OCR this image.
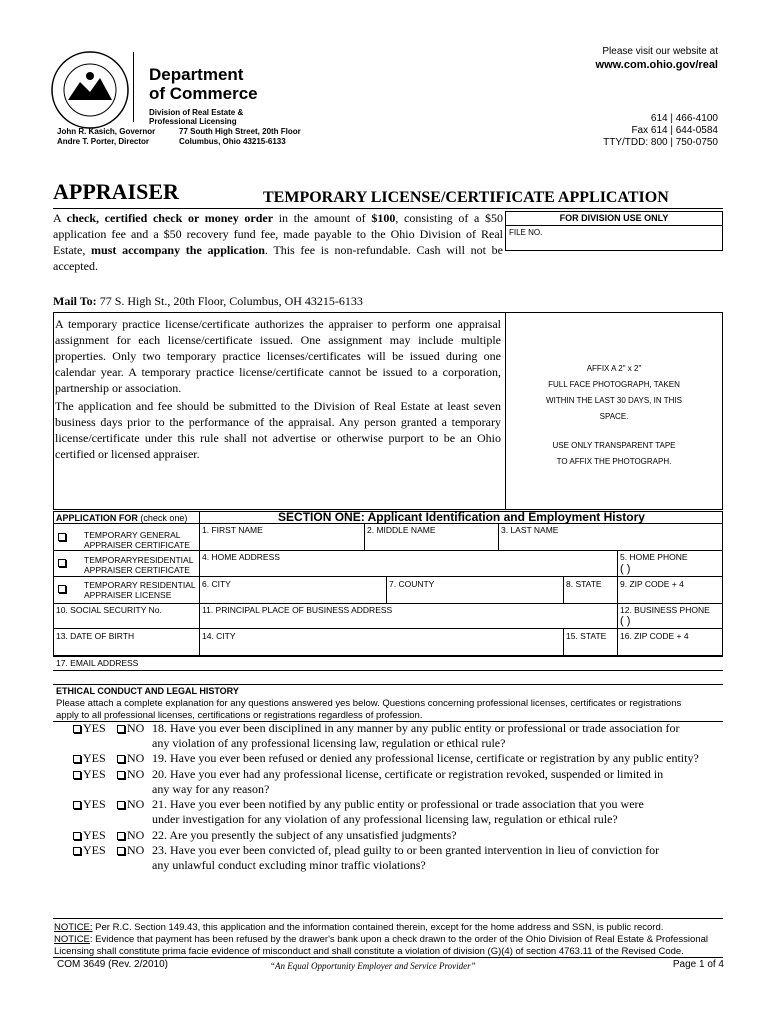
Department
of Commerce
Division of Real Estate &
Professional Licensing
John R. Kasich, Governor
Andre T. Porter, Director
77 South High Street, 20th Floor
Columbus, Ohio 43215-6133
Please visit our website at
www.com.ohio.gov/real
614 | 466-4100
Fax 614 | 644-0584
TTY/TDD: 800 | 750-0750
APPRAISER	TEMPORARY LICENSE/CERTIFICATE APPLICATION
A check, certified check or money order in the amount of $100, consisting of a $50 application fee and a $50 recovery fund fee, made payable to the Ohio Division of Real Estate, must accompany the application. This fee is non-refundable. Cash will not be accepted.
FOR DIVISION USE ONLY
FILE NO.
Mail To: 77 S. High St., 20th Floor, Columbus, OH 43215-6133

A temporary practice license/certificate authorizes the appraiser to perform one appraisal assignment for each license/certificate issued. One assignment may include multiple properties. Only two temporary practice licenses/certificates will be issued during one calendar year. A temporary practice license/certificate cannot be issued to a corporation, partnership or association.

The application and fee should be submitted to the Division of Real Estate at least seven business days prior to the performance of the appraisal. Any person granted a temporary license/certificate under this rule shall not advertise or otherwise purport to be an Ohio certified or licensed appraiser.

AFFIX A 2" x 2"
FULL FACE PHOTOGRAPH, TAKEN
WITHIN THE LAST 30 DAYS, IN THIS
SPACE.
USE ONLY TRANSPARENT TAPE
TO AFFIX THE PHOTOGRAPH.
APPLICATION FOR (check one)	SECTION ONE: Applicant Identification and Employment History
TEMPORARY GENERAL
APPRAISER CERTIFICATE
TEMPORARYRESIDENTIAL
APPRAISER CERTIFICATE
TEMPORARY RESIDENTIAL
APPRAISER LICENSE
1. FIRST NAME	2. MIDDLE NAME	3. LAST NAME
4. HOME ADDRESS	5. HOME PHONE
( )
6. CITY	7. COUNTY	8. STATE 9. ZIP CODE + 4
10. SOCIAL SECURITY No.	11. PRINCIPAL PLACE OF BUSINESS ADDRESS	12. BUSINESS PHONE
( )
13. DATE OF BIRTH	14. CITY	15. STATE 16. ZIP CODE + 4
17. EMAIL ADDRESS
ETHICAL CONDUCT AND LEGAL HISTORY
Please attach a complete explanation for any questions answered yes below. Questions concerning professional licenses, certificates or registrations
apply to all professional licenses, certifications or registrations regardless of profession.
YES NO 18. Have you ever been disciplined in any manner by any public entity or professional or trade association for
any violation of any professional licensing law, regulation or ethical rule?
YES NO 19. Have you ever been refused or denied any professional license, certificate or registration by any public entity?
YES NO 20. Have you ever had any professional license, certificate or registration revoked, suspended or limited in
any way for any reason?
YES NO 21. Have you ever been notified by any public entity or professional or trade association that you were
under investigation for any violation of any professional licensing law, regulation or ethical rule?
YES NO 22. Are you presently the subject of any unsatisfied judgments?
YES NO 23. Have you ever been convicted of, plead guilty to or been granted intervention in lieu of conviction for
any unlawful conduct excluding minor traffic violations?
NOTICE: Per R.C. Section 149.43, this application and the information contained therein, except for the home address and SSN, is public record.
NOTICE: Evidence that payment has been refused by the drawer's bank upon a check drawn to the order of the Ohio Division of Real Estate & Professional
Licensing shall constitute prima facie evidence of misconduct and shall constitute a violation of division (G)(4) of section 4763.11 of the Revised Code.
COM 3649 (Rev. 2/2010)	“An Equal Opportunity Employer and Service Provider”	Page 1 of 4
